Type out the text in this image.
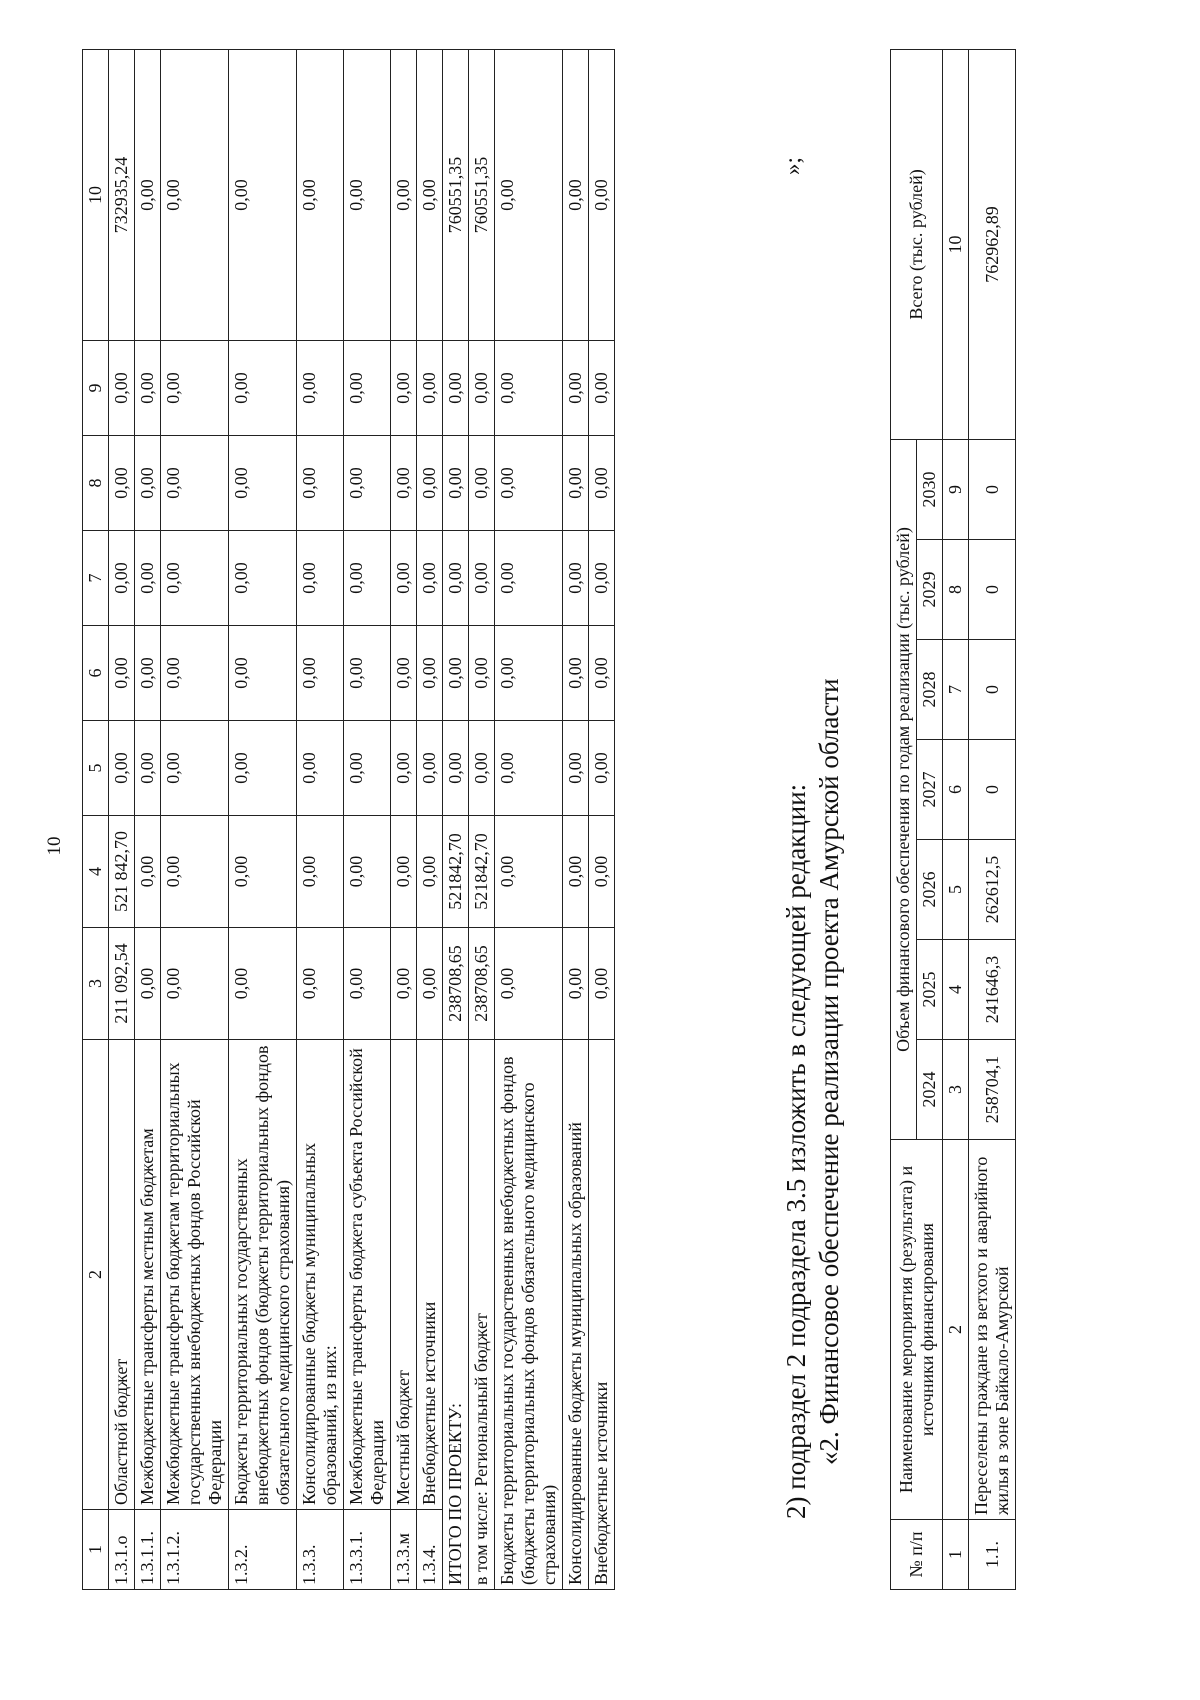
10
1	2	3	4	5	6	7	8	9	10
1.3.1.о	Областной бюджет	211 092,54	521 842,70	0,00	0,00	0,00	0,00	0,00	732935,24
1.3.1.1.	Межбюджетные трансферты местным бюджетам	0,00	0,00	0,00	0,00	0,00	0,00	0,00	0,00
1.3.1.2.	Межбюджетные трансферты бюджетам территориальных государственных внебюджетных фондов Российской Федерации	0,00	0,00	0,00	0,00	0,00	0,00	0,00	0,00
1.3.2.	Бюджеты территориальных государственных внебюджетных фондов (бюджеты территориальных фондов обязательного медицинского страхования)	0,00	0,00	0,00	0,00	0,00	0,00	0,00	0,00
1.3.3.	Консолидированные бюджеты муниципальных образований, из них:	0,00	0,00	0,00	0,00	0,00	0,00	0,00	0,00
1.3.3.1.	Межбюджетные трансферты бюджета субъекта Российской Федерации	0,00	0,00	0,00	0,00	0,00	0,00	0,00	0,00
1.3.3.м	Местный бюджет	0,00	0,00	0,00	0,00	0,00	0,00	0,00	0,00
1.3.4.	Внебюджетные источники	0,00	0,00	0,00	0,00	0,00	0,00	0,00	0,00
ИТОГО ПО ПРОЕКТУ:		238708,65	521842,70	0,00	0,00	0,00	0,00	0,00	760551,35
в том числе: Региональный бюджет		238708,65	521842,70	0,00	0,00	0,00	0,00	0,00	760551,35
Бюджеты территориальных государственных внебюджетных фондов (бюджеты территориальных фондов обязательного медицинского страхования)		0,00	0,00	0,00	0,00	0,00	0,00	0,00	0,00
Консолидированные бюджеты муниципальных образований		0,00	0,00	0,00	0,00	0,00	0,00	0,00	0,00
Внебюджетные источники		0,00	0,00	0,00	0,00	0,00	0,00	0,00	0,00
»;
2) подраздел 2 подраздела 3.5 изложить в следующей редакции: «2. Финансовое обеспечение реализации проекта Амурской области
№ п/п	Наименование мероприятия (результата) и источники финансирования	Объем финансового обеспечения по годам реализации (тыс. рублей)							Всего (тыс. рублей)
		2024	2025	2026	2027	2028	2029	2030	
1	2	3	4	5	6	7	8	9	10
1.1.	Переселены граждане из ветхого и аварийного жилья в зоне Байкало-Амурской	258704,1	241646,3	262612,5	0	0	0	0	762962,89
